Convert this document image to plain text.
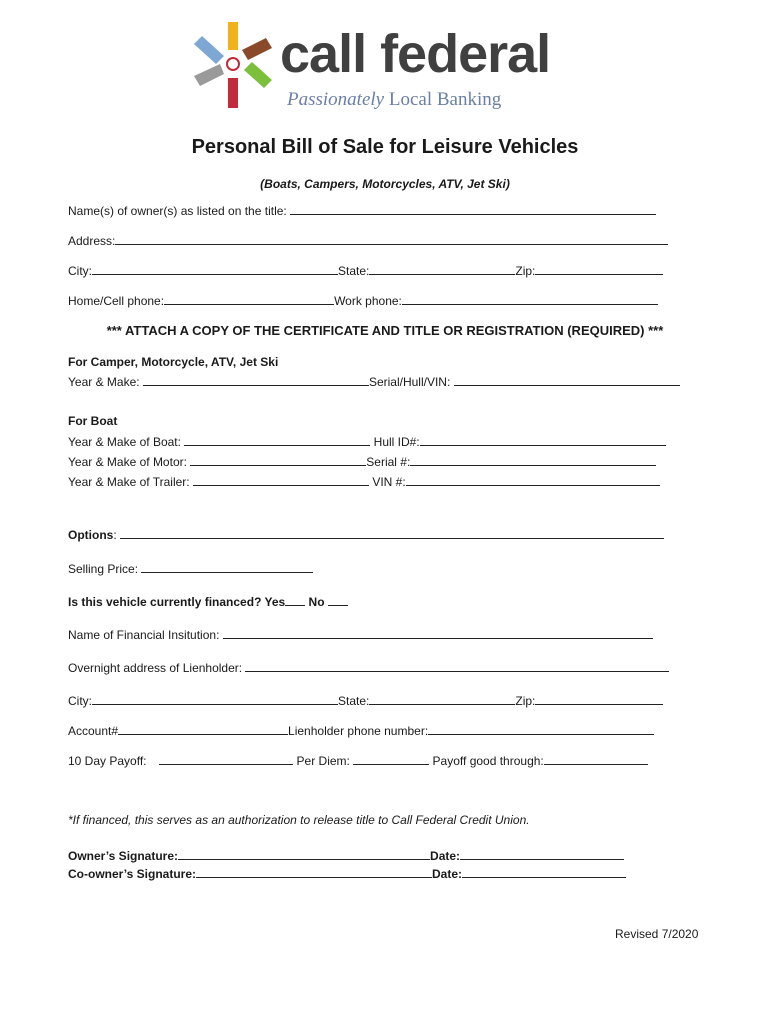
call federal
Passionately Local Banking
Personal Bill of Sale for Leisure Vehicles
(Boats, Campers, Motorcycles, ATV, Jet Ski)
Name(s) of owner(s) as listed on the title:
Address:
City:	State:	Zip:
Home/Cell phone:	Work phone:
*** ATTACH A COPY OF THE CERTIFICATE AND TITLE OR REGISTRATION (REQUIRED) ***
For Camper, Motorcycle, ATV, Jet Ski
Year & Make:	Serial/Hull/VIN:
For Boat
Year & Make of Boat:	Hull ID#:
Year & Make of Motor:	Serial #:
Year & Make of Trailer:	VIN #:
Options:
Selling Price:
Is this vehicle currently financed? Yes No
Name of Financial Insitution:
Overnight address of Lienholder:
City:	State:	Zip:
Account#	Lienholder phone number:
10 Day Payoff:	Per Diem:	Payoff good through:
*If financed, this serves as an authorization to release title to Call Federal Credit Union.
Owner’s Signature:	Date:
Co-owner’s Signature:	Date:
Revised 7/2020
